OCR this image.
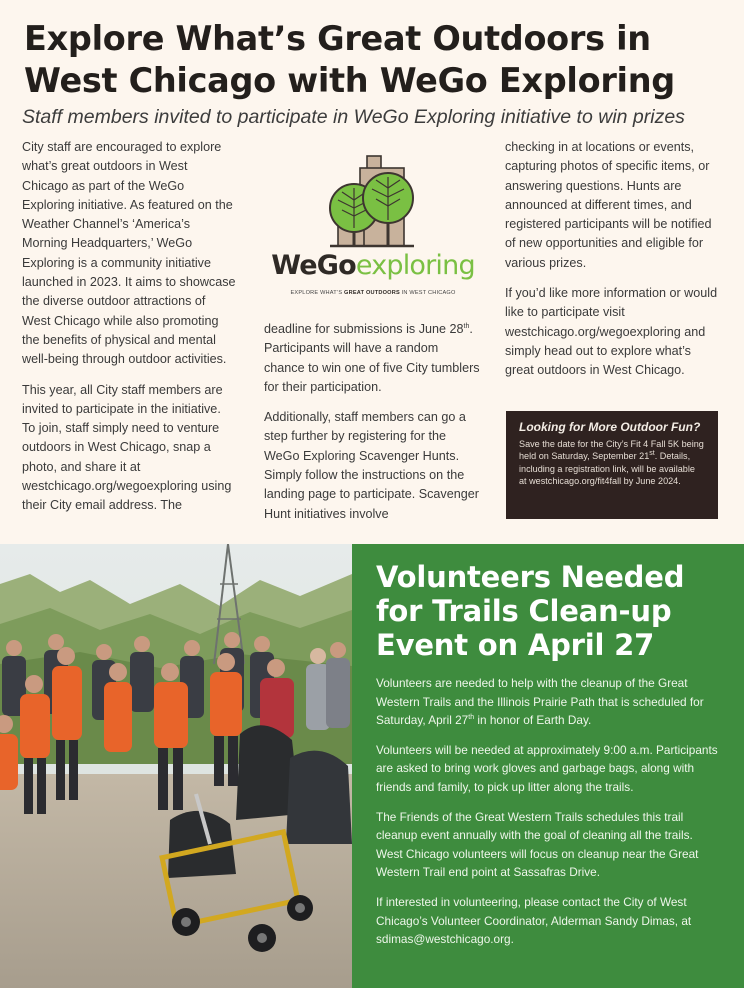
Explore What’s Great Outdoors in West Chicago with WeGo Exploring

Staff members invited to participate in WeGo Exploring initiative to win prizes

City staff are encouraged to explore what’s great outdoors in West Chicago as part of the WeGo Exploring initiative. As featured on the Weather Channel’s ‘America’s Morning Headquarters,’ WeGo Exploring is a community initiative launched in 2023. It aims to showcase the diverse outdoor attractions of West Chicago while also promoting the benefits of physical and mental well-being through outdoor activities.

This year, all City staff members are invited to participate in the initiative. To join, staff simply need to venture outdoors in West Chicago, snap a photo, and share it at westchicago.org/wegoexploring using their City email address. The

WeGoexploring
EXPLORE WHAT’S GREAT OUTDOORS IN WEST CHICAGO

deadline for submissions is June 28th. Participants will have a random chance to win one of five City tumblers for their participation.

Additionally, staff members can go a step further by registering for the WeGo Exploring Scavenger Hunts. Simply follow the instructions on the landing page to participate. Scavenger Hunt initiatives involve

checking in at locations or events, capturing photos of specific items, or answering questions. Hunts are announced at different times, and registered participants will be notified of new opportunities and eligible for various prizes.

If you’d like more information or would like to participate visit westchicago.org/wegoexploring and simply head out to explore what’s great outdoors in West Chicago.

Looking for More Outdoor Fun?

Save the date for the City’s Fit 4 Fall 5K being held on Saturday, September 21st. Details, including a registration link, will be available at westchicago.org/fit4fall by June 2024.

Volunteers Needed for Trails Clean-up Event on April 27

Volunteers are needed to help with the cleanup of the Great Western Trails and the Illinois Prairie Path that is scheduled for Saturday, April 27th in honor of Earth Day.

Volunteers will be needed at approximately 9:00 a.m. Participants are asked to bring work gloves and garbage bags, along with friends and family, to pick up litter along the trails.

The Friends of the Great Western Trails schedules this trail cleanup event annually with the goal of cleaning all the trails. West Chicago volunteers will focus on cleanup near the Great Western Trail end point at Sassafras Drive.

If interested in volunteering, please contact the City of West Chicago’s Volunteer Coordinator, Alderman Sandy Dimas, at sdimas@westchicago.org.
